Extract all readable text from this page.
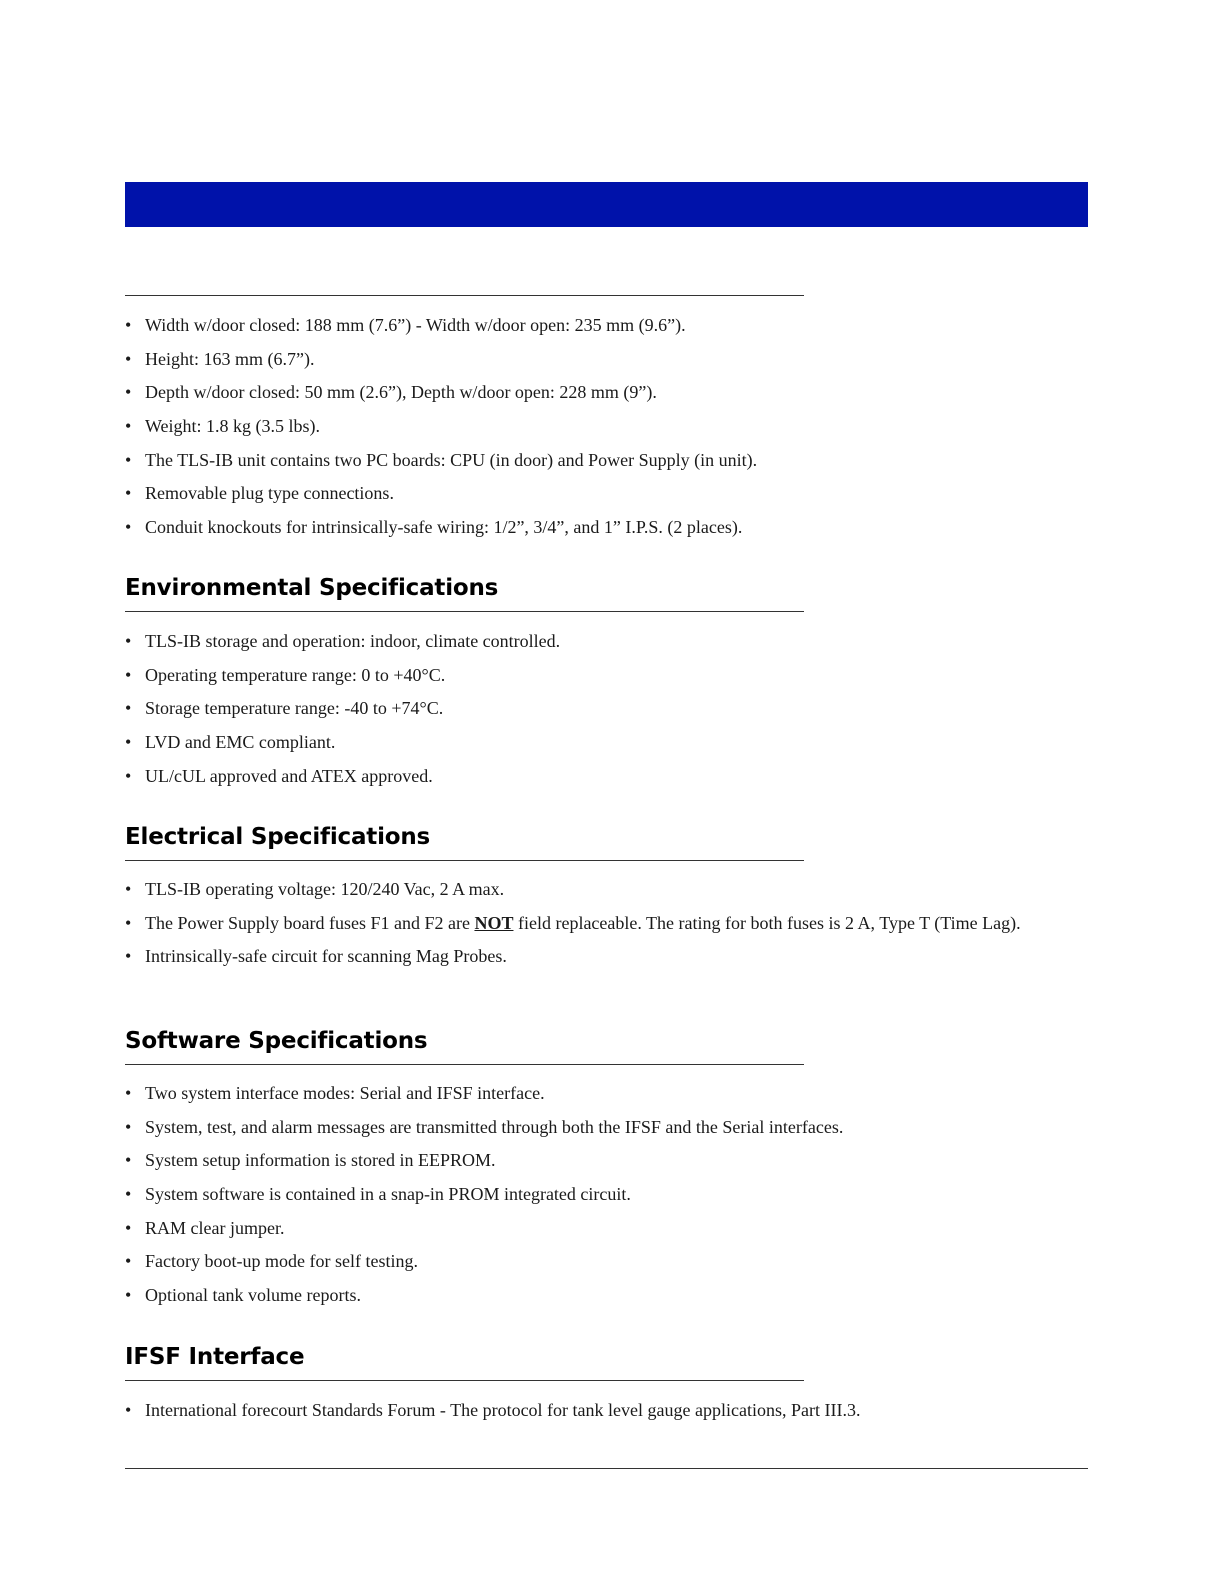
• Width w/door closed: 188 mm (7.6”) - Width w/door open: 235 mm (9.6”).
• Height: 163 mm (6.7”).
• Depth w/door closed: 50 mm (2.6”), Depth w/door open: 228 mm (9”).
• Weight: 1.8 kg (3.5 lbs).
• The TLS-IB unit contains two PC boards: CPU (in door) and Power Supply (in unit).
• Removable plug type connections.
• Conduit knockouts for intrinsically-safe wiring: 1/2”, 3/4”, and 1” I.P.S. (2 places).
Environmental Specifications
• TLS-IB storage and operation: indoor, climate controlled.
• Operating temperature range: 0 to +40°C.
• Storage temperature range: -40 to +74°C.
• LVD and EMC compliant.
• UL/cUL approved and ATEX approved.
Electrical Specifications
• TLS-IB operating voltage: 120/240 Vac, 2 A max.
• The Power Supply board fuses F1 and F2 are NOT field replaceable. The rating for both fuses is 2 A, Type T (Time Lag).
• Intrinsically-safe circuit for scanning Mag Probes.
Software Specifications
• Two system interface modes: Serial and IFSF interface.
• System, test, and alarm messages are transmitted through both the IFSF and the Serial interfaces.
• System setup information is stored in EEPROM.
• System software is contained in a snap-in PROM integrated circuit.
• RAM clear jumper.
• Factory boot-up mode for self testing.
• Optional tank volume reports.
IFSF Interface
• International forecourt Standards Forum - The protocol for tank level gauge applications, Part III.3.
